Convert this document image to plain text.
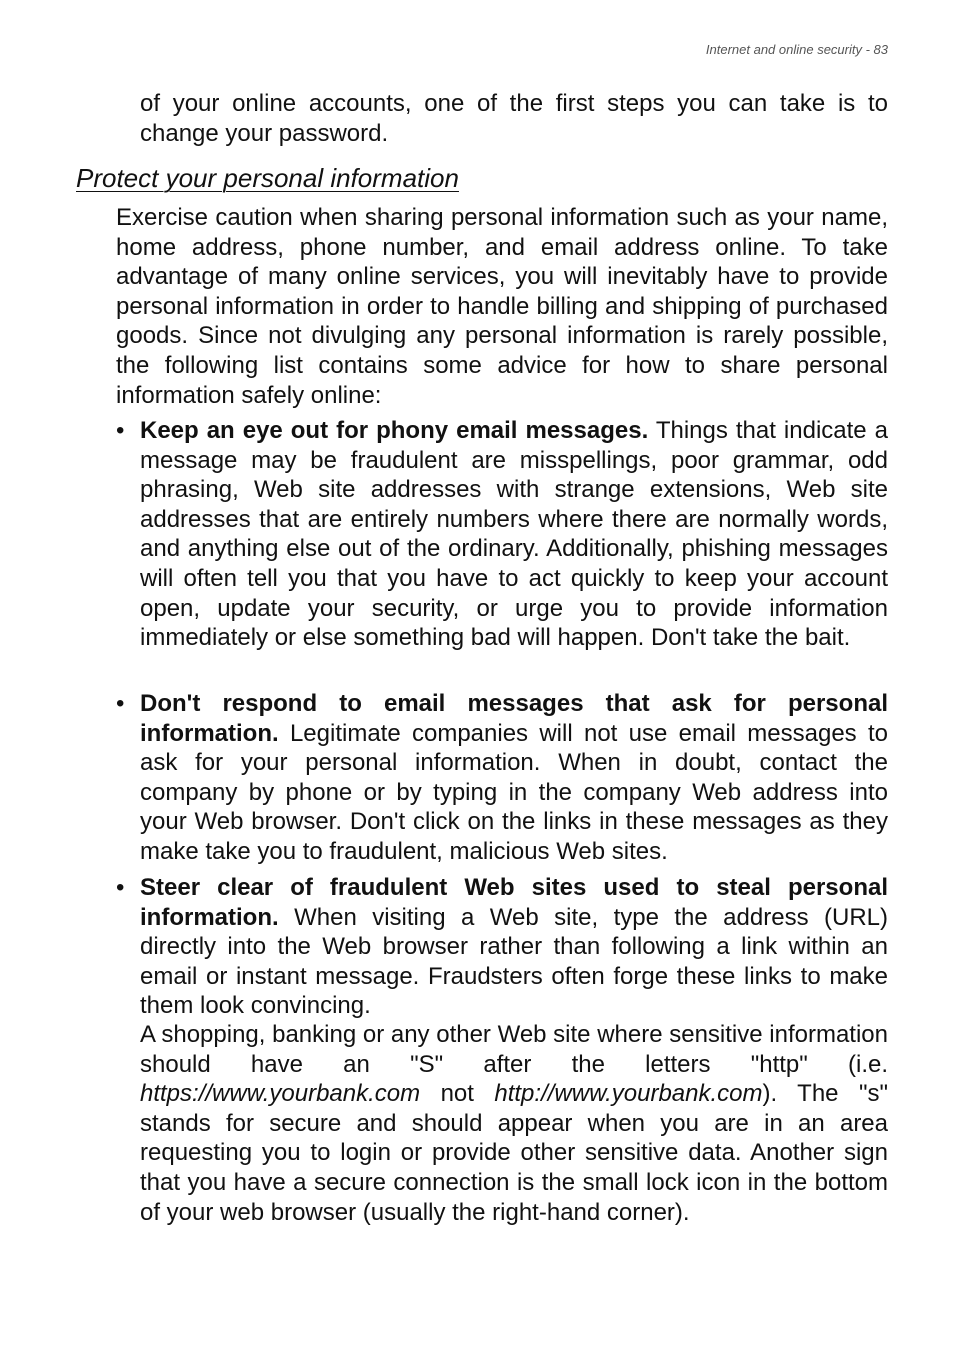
Internet and online security - 83

of your online accounts, one of the first steps you can take is to change your password.

Protect your personal information

Exercise caution when sharing personal information such as your name, home address, phone number, and email address online. To take advantage of many online services, you will inevitably have to provide personal information in order to handle billing and shipping of purchased goods. Since not divulging any personal information is rarely possible, the following list contains some advice for how to share personal information safely online:

• Keep an eye out for phony email messages. Things that indicate a message may be fraudulent are misspellings, poor grammar, odd phrasing, Web site addresses with strange extensions, Web site addresses that are entirely numbers where there are normally words, and anything else out of the ordinary. Additionally, phishing messages will often tell you that you have to act quickly to keep your account open, update your security, or urge you to provide information immediately or else something bad will happen. Don't take the bait.

• Don't respond to email messages that ask for personal information. Legitimate companies will not use email messages to ask for your personal information. When in doubt, contact the company by phone or by typing in the company Web address into your Web browser. Don't click on the links in these messages as they make take you to fraudulent, malicious Web sites.

• Steer clear of fraudulent Web sites used to steal personal information. When visiting a Web site, type the address (URL) directly into the Web browser rather than following a link within an email or instant message. Fraudsters often forge these links to make them look convincing.

A shopping, banking or any other Web site where sensitive information should have an "S" after the letters "http" (i.e. https://www.yourbank.com not http://www.yourbank.com). The "s" stands for secure and should appear when you are in an area requesting you to login or provide other sensitive data. Another sign that you have a secure connection is the small lock icon in the bottom of your web browser (usually the right-hand corner).
